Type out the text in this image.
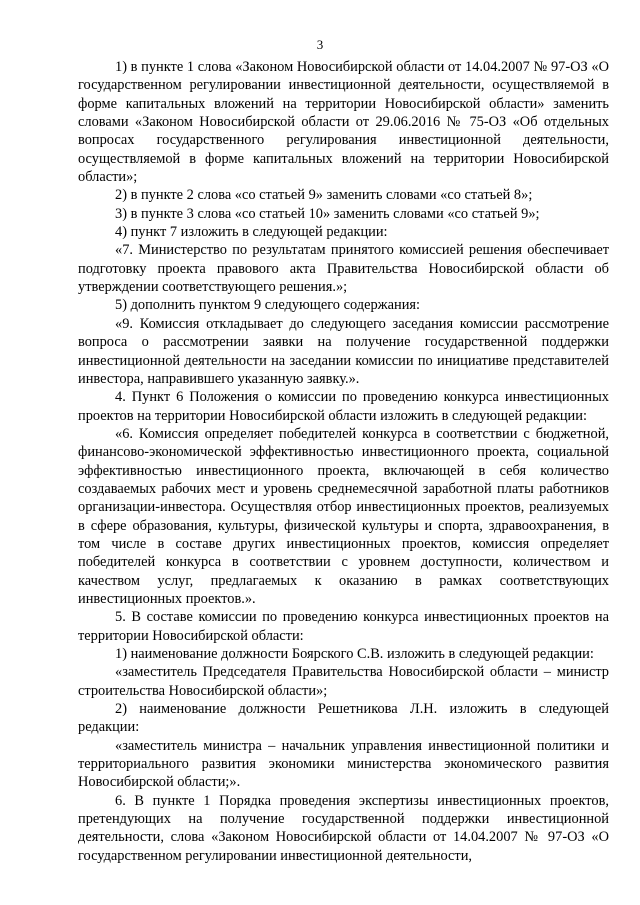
3

1) в пункте 1 слова «Законом Новосибирской области от 14.04.2007 № 97-ОЗ «О государственном регулировании инвестиционной деятельности, осуществляемой в форме капитальных вложений на территории Новосибирской области» заменить словами «Законом Новосибирской области от 29.06.2016 № 75-ОЗ «Об отдельных вопросах государственного регулирования инвестиционной деятельности, осуществляемой в форме капитальных вложений на территории Новосибирской области»;

2) в пункте 2 слова «со статьей 9» заменить словами «со статьей 8»;

3) в пункте 3 слова «со статьей 10» заменить словами «со статьей 9»;

4) пункт 7 изложить в следующей редакции:

«7. Министерство по результатам принятого комиссией решения обеспечивает подготовку проекта правового акта Правительства Новосибирской области об утверждении соответствующего решения.»;

5) дополнить пунктом 9 следующего содержания:

«9. Комиссия откладывает до следующего заседания комиссии рассмотрение вопроса о рассмотрении заявки на получение государственной поддержки инвестиционной деятельности на заседании комиссии по инициативе представителей инвестора, направившего указанную заявку.».

4. Пункт 6 Положения о комиссии по проведению конкурса инвестиционных проектов на территории Новосибирской области изложить в следующей редакции:

«6. Комиссия определяет победителей конкурса в соответствии с бюджетной, финансово-экономической эффективностью инвестиционного проекта, социальной эффективностью инвестиционного проекта, включающей в себя количество создаваемых рабочих мест и уровень среднемесячной заработной платы работников организации-инвестора. Осуществляя отбор инвестиционных проектов, реализуемых в сфере образования, культуры, физической культуры и спорта, здравоохранения, в том числе в составе других инвестиционных проектов, комиссия определяет победителей конкурса в соответствии с уровнем доступности, количеством и качеством услуг, предлагаемых к оказанию в рамках соответствующих инвестиционных проектов.».

5. В составе комиссии по проведению конкурса инвестиционных проектов на территории Новосибирской области:

1) наименование должности Боярского С.В. изложить в следующей редакции:

«заместитель Председателя Правительства Новосибирской области – министр строительства Новосибирской области»;

2) наименование должности Решетникова Л.Н. изложить в следующей редакции:

«заместитель министра – начальник управления инвестиционной политики и территориального развития экономики министерства экономического развития Новосибирской области;».

6. В пункте 1 Порядка проведения экспертизы инвестиционных проектов, претендующих на получение государственной поддержки инвестиционной деятельности, слова «Законом Новосибирской области от 14.04.2007 № 97-ОЗ «О государственном регулировании инвестиционной деятельности,
